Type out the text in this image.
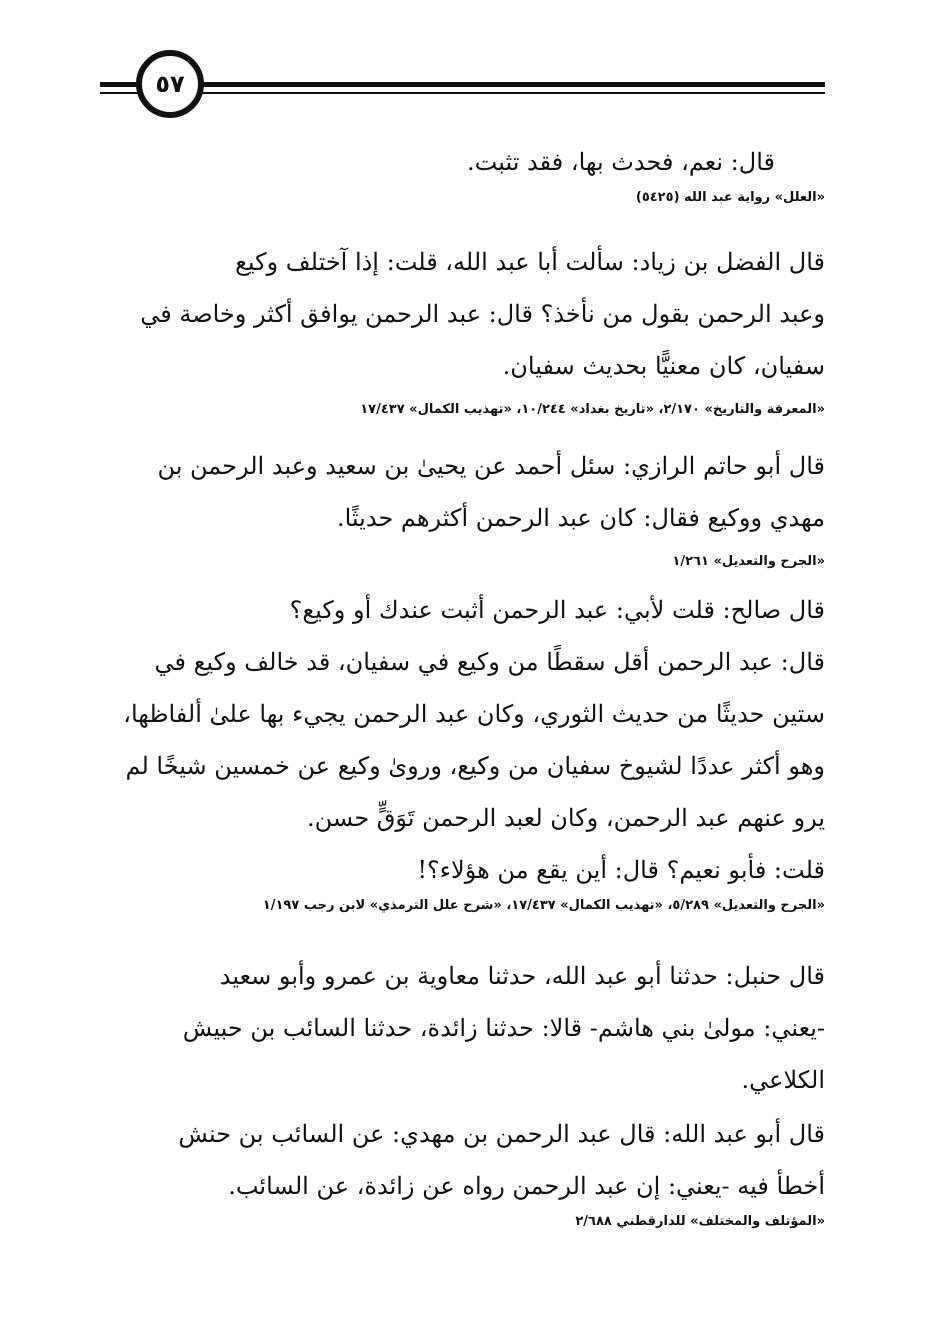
٥٧

قال: نعم، فحدث بها، فقد تثبت.

«العلل» رواية عبد الله (٥٤٢٥)

قال الفضل بن زياد: سألت أبا عبد الله، قلت: إذا آختلف وكيع
وعبد الرحمن بقول من نأخذ؟ قال: عبد الرحمن يوافق أكثر وخاصة في
سفيان، كان معنيًّا بحديث سفيان.

«المعرفة والتاريخ» ٢/١٧٠، «تاريخ بغداد» ١٠/٢٤٤، «تهذيب الكمال» ١٧/٤٣٧

قال أبو حاتم الرازي: سئل أحمد عن يحيىٰ بن سعيد وعبد الرحمن بن
مهدي ووكيع فقال: كان عبد الرحمن أكثرهم حديثًا.

«الجرح والتعديل» ١/٢٦١

قال صالح: قلت لأبي: عبد الرحمن أثبت عندك أو وكيع؟
قال: عبد الرحمن أقل سقطًا من وكيع في سفيان، قد خالف وكيع في
ستين حديثًا من حديث الثوري، وكان عبد الرحمن يجيء بها علىٰ ألفاظها،
وهو أكثر عددًا لشيوخ سفيان من وكيع، ورویٰ وكيع عن خمسين شيخًا لم
يرو عنهم عبد الرحمن، وكان لعبد الرحمن تَوَقٍّ حسن.
قلت: فأبو نعيم؟ قال: أين يقع من هؤلاء؟!

«الجرح والتعديل» ٥/٢٨٩، «تهذيب الكمال» ١٧/٤٣٧، «شرح علل الترمذي» لابن رجب ١/١٩٧

قال حنبل: حدثنا أبو عبد الله، حدثنا معاوية بن عمرو وأبو سعيد
-يعني: مولىٰ بني هاشم- قالا: حدثنا زائدة، حدثنا السائب بن حبيش
الكلاعي.
قال أبو عبد الله: قال عبد الرحمن بن مهدي: عن السائب بن حنش
أخطأ فيه -يعني: إن عبد الرحمن رواه عن زائدة، عن السائب.

«المؤتلف والمختلف» للدارقطني ٢/٦٨٨
